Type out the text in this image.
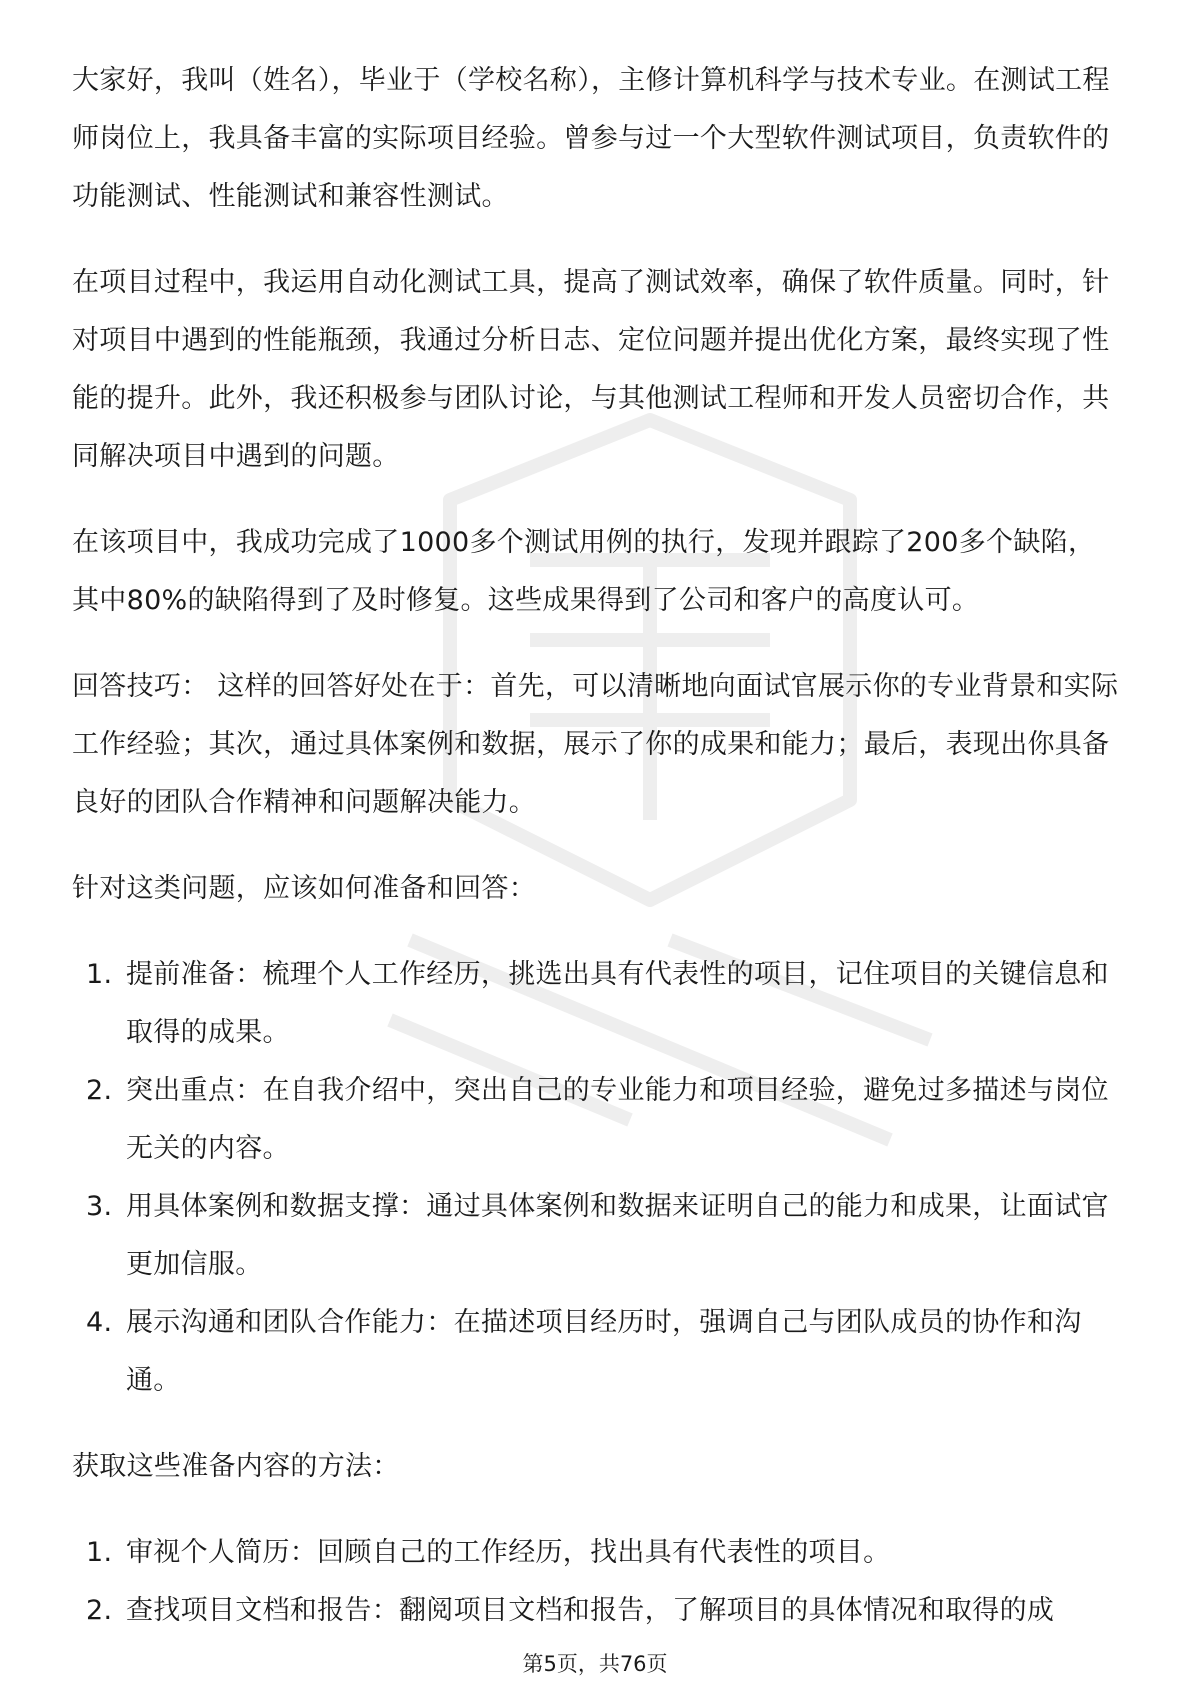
大家好，我叫（姓名），毕业于（学校名称），主修计算机科学与技术专业。在测试工程师岗位上，我具备丰富的实际项目经验。曾参与过一个大型软件测试项目，负责软件的功能测试、性能测试和兼容性测试。

在项目过程中，我运用自动化测试工具，提高了测试效率，确保了软件质量。同时，针对项目中遇到的性能瓶颈，我通过分析日志、定位问题并提出优化方案，最终实现了性能的提升。此外，我还积极参与团队讨论，与其他测试工程师和开发人员密切合作，共同解决项目中遇到的问题。

在该项目中，我成功完成了1000多个测试用例的执行，发现并跟踪了200多个缺陷，其中80%的缺陷得到了及时修复。这些成果得到了公司和客户的高度认可。

回答技巧： 这样的回答好处在于：首先，可以清晰地向面试官展示你的专业背景和实际工作经验；其次，通过具体案例和数据，展示了你的成果和能力；最后，表现出你具备良好的团队合作精神和问题解决能力。

针对这类问题，应该如何准备和回答：

1. 提前准备：梳理个人工作经历，挑选出具有代表性的项目，记住项目的关键信息和取得的成果。
2. 突出重点：在自我介绍中，突出自己的专业能力和项目经验，避免过多描述与岗位无关的内容。
3. 用具体案例和数据支撑：通过具体案例和数据来证明自己的能力和成果，让面试官更加信服。
4. 展示沟通和团队合作能力：在描述项目经历时，强调自己与团队成员的协作和沟通。

获取这些准备内容的方法：

1. 审视个人简历：回顾自己的工作经历，找出具有代表性的项目。
2. 查找项目文档和报告：翻阅项目文档和报告，了解项目的具体情况和取得的成
第5页，共76页
